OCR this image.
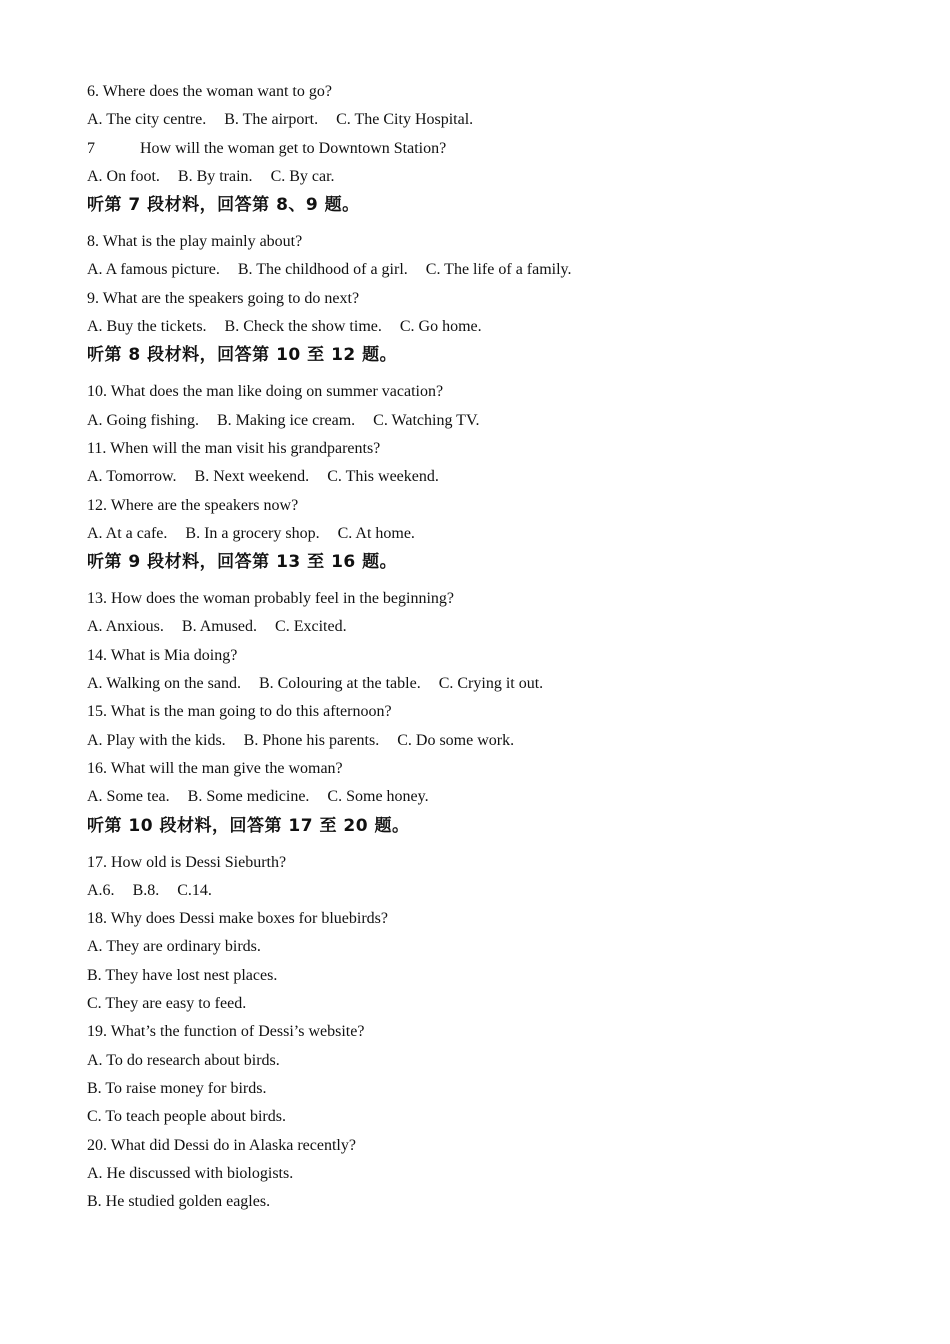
6. Where does the woman want to go?
A. The city centre. B. The airport. C. The City Hospital.
7	How will the woman get to Downtown Station?
A. On foot. B. By train. C. By car.
听第 7 段材料，回答第 8、9 题。
8. What is the play mainly about?
A. A famous picture. B. The childhood of a girl. C. The life of a family.
9. What are the speakers going to do next?
A. Buy the tickets. B. Check the show time. C. Go home.
听第 8 段材料，回答第 10 至 12 题。
10. What does the man like doing on summer vacation?
A. Going fishing. B. Making ice cream. C. Watching TV.
11. When will the man visit his grandparents?
A. Tomorrow. B. Next weekend. C. This weekend.
12. Where are the speakers now?
A. At a cafe. B. In a grocery shop. C. At home.
听第 9 段材料，回答第 13 至 16 题。
13. How does the woman probably feel in the beginning?
A. Anxious. B. Amused. C. Excited.
14. What is Mia doing?
A. Walking on the sand. B. Colouring at the table. C. Crying it out.
15. What is the man going to do this afternoon?
A. Play with the kids. B. Phone his parents. C. Do some work.
16. What will the man give the woman?
A. Some tea. B. Some medicine. C. Some honey.
听第 10 段材料，回答第 17 至 20 题。
17. How old is Dessi Sieburth?
A.6. B.8. C.14.
18. Why does Dessi make boxes for bluebirds?
A. They are ordinary birds.
B. They have lost nest places.
C. They are easy to feed.
19. What’s the function of Dessi’s website?
A. To do research about birds.
B. To raise money for birds.
C. To teach people about birds.
20. What did Dessi do in Alaska recently?
A. He discussed with biologists.
B. He studied golden eagles.
